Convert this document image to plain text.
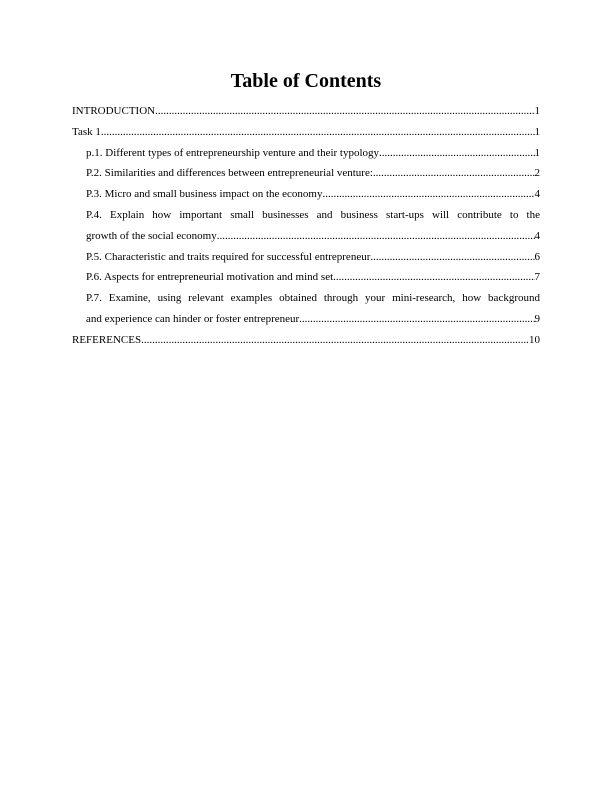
Table of Contents
INTRODUCTION .....	1
Task 1 .....	1
p.1. Different types of entrepreneurship venture and their typology .....	1
P.2. Similarities and differences between entrepreneurial venture: .....	2
P.3. Micro and small business impact on the economy .....	4
P.4. Explain how important small businesses and business start-ups will contribute to the
growth of the social economy .....	4
P.5. Characteristic and traits required for successful entrepreneur .....	6
P.6. Aspects for entrepreneurial motivation and mind set .....	7
P.7. Examine, using relevant examples obtained through your mini-research, how background
and experience can hinder or foster entrepreneur .....	9
REFERENCES .....	10
